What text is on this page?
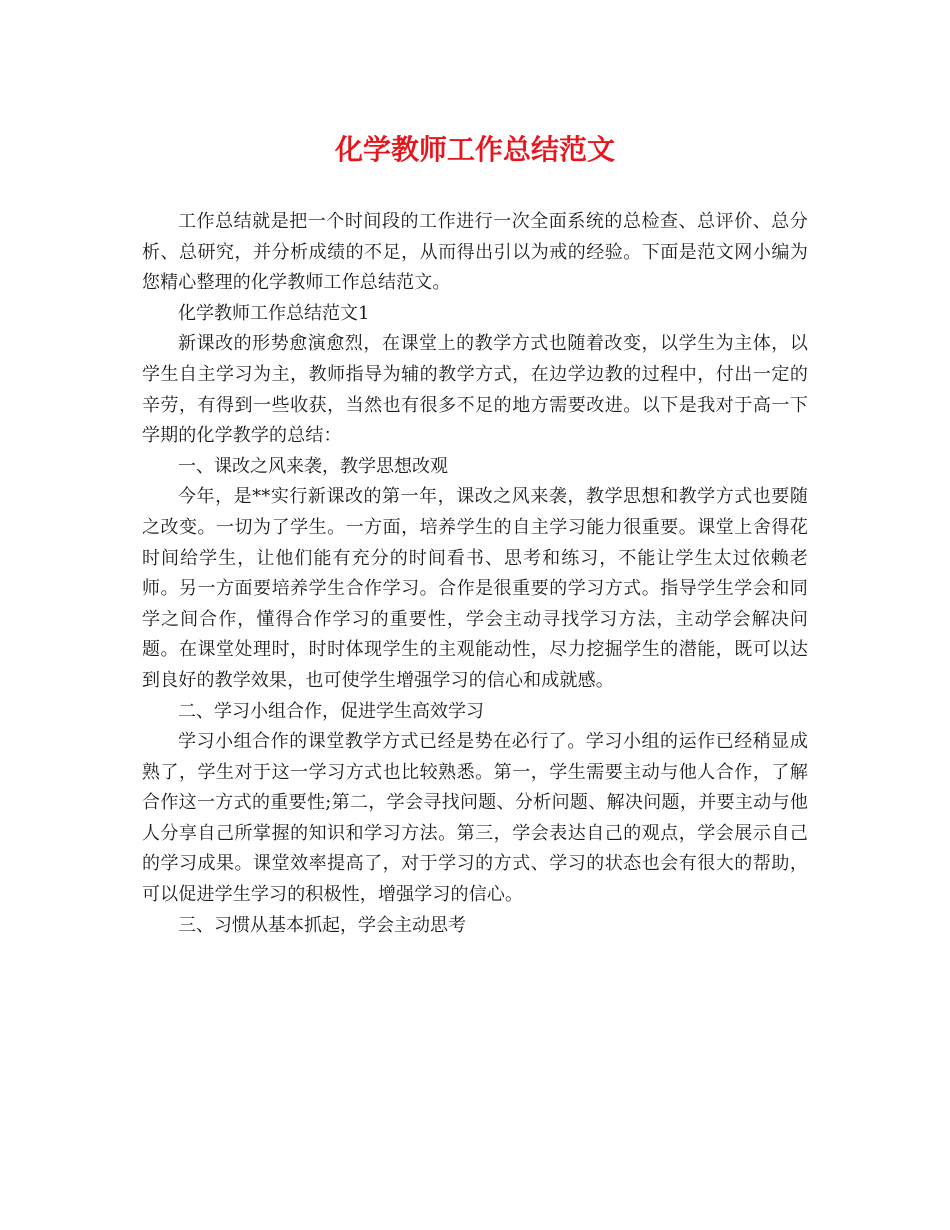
化学教师工作总结范文

工作总结就是把一个时间段的工作进行一次全面系统的总检查、总评价、总分析、总研究，并分析成绩的不足，从而得出引以为戒的经验。下面是范文网小编为您精心整理的化学教师工作总结范文。

化学教师工作总结范文1

新课改的形势愈演愈烈，在课堂上的教学方式也随着改变，以学生为主体，以学生自主学习为主，教师指导为辅的教学方式，在边学边教的过程中，付出一定的辛劳，有得到一些收获，当然也有很多不足的地方需要改进。以下是我对于高一下学期的化学教学的总结：

一、课改之风来袭，教学思想改观

今年，是**实行新课改的第一年，课改之风来袭，教学思想和教学方式也要随之改变。一切为了学生。一方面，培养学生的自主学习能力很重要。课堂上舍得花时间给学生，让他们能有充分的时间看书、思考和练习，不能让学生太过依赖老师。另一方面要培养学生合作学习。合作是很重要的学习方式。指导学生学会和同学之间合作，懂得合作学习的重要性，学会主动寻找学习方法，主动学会解决问题。在课堂处理时，时时体现学生的主观能动性，尽力挖掘学生的潜能，既可以达到良好的教学效果，也可使学生增强学习的信心和成就感。

二、学习小组合作，促进学生高效学习

学习小组合作的课堂教学方式已经是势在必行了。学习小组的运作已经稍显成熟了，学生对于这一学习方式也比较熟悉。第一，学生需要主动与他人合作，了解合作这一方式的重要性;第二，学会寻找问题、分析问题、解决问题，并要主动与他人分享自己所掌握的知识和学习方法。第三，学会表达自己的观点，学会展示自己的学习成果。课堂效率提高了，对于学习的方式、学习的状态也会有很大的帮助，可以促进学生学习的积极性，增强学习的信心。

三、习惯从基本抓起，学会主动思考
